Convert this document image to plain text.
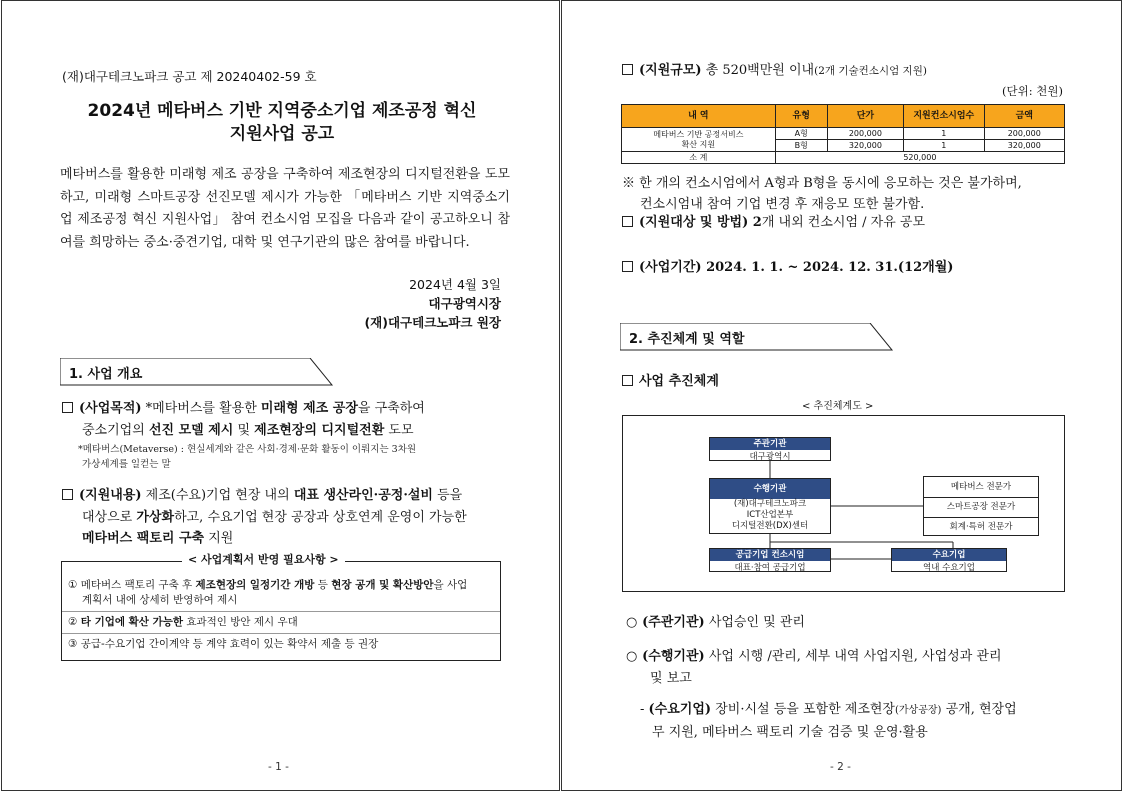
(재)대구테크노파크 공고 제 20240402-59 호
2024년 메타버스 기반 지역중소기업 제조공정 혁신
지원사업 공고
메타버스를 활용한 미래형 제조 공장을 구축하여 제조현장의 디지털전환을 도모하고, 미래형 스마트공장 선진모델 제시가 가능한 「메타버스 기반 지역중소기업 제조공정 혁신 지원사업」 참여 컨소시엄 모집을 다음과 같이 공고하오니 참여를 희망하는 중소·중견기업, 대학 및 연구기관의 많은 참여를 바랍니다.
2024년 4월 3일
대구광역시장
(재)대구테크노파크 원장
1. 사업 개요
(사업목적) *메타버스를 활용한 미래형 제조 공장을 구축하여
중소기업의 선진 모델 제시 및 제조현장의 디지털전환 도모
*메타버스(Metaverse) : 현실세계와 같은 사회·경제·문화 활동이 이뤄지는 3차원
가상세계를 일컫는 말
(지원내용) 제조(수요)기업 현장 내의 대표 생산라인·공정·설비 등을
대상으로 가상화하고, 수요기업 현장 공장과 상호연계 운영이 가능한
메타버스 팩토리 구축 지원
① 메타버스 팩토리 구축 후 제조현장의 일정기간 개방 등 현장 공개 및 확산방안을 사업
계획서 내에 상세히 반영하여 제시
② 타 기업에 확산 가능한 효과적인 방안 제시 우대
③ 공급-수요기업 간이계약 등 계약 효력이 있는 확약서 제출 등 권장
< 사업계획서 반영 필요사항 >
- 1 -
(지원규모) 총 520백만원 이내(2개 기술컨소시엄 지원)
(단위: 천원)
내 역	유형	단가	지원컨소시엄수	금액

메타버스 기반 공정서비스
확산 지원	A형	200,000	1	200,000
	B형	320,000	1	320,000
소 계	520,000			
※ 한 개의 컨소시엄에서 A형과 B형을 동시에 응모하는 것은 불가하며,
컨소시엄내 참여 기업 변경 후 재응모 또한 불가함.
(지원대상 및 방법) 2개 내외 컨소시엄 / 자유 공모
(사업기간) 2024. 1. 1. ~ 2024. 12. 31.(12개월)
2. 추진체계 및 역할
사업 추진체계
< 추진체계도 >
주관기관
대구광역시
수행기관
(재)대구테크노파크
ICT산업본부
디지털전환(DX)센터
메타버스 전문가
스마트공장 전문가
회계·특허 전문가
공급기업 컨소시엄
대표·참여 공급기업
수요기업
역내 수요기업
○ (주관기관) 사업승인 및 관리
○ (수행기관) 사업 시행 /관리, 세부 내역 사업지원, 사업성과 관리
및 보고
- (수요기업) 장비·시설 등을 포함한 제조현장(가상공장) 공개, 현장업
무 지원, 메타버스 팩토리 기술 검증 및 운영·활용
- 2 -
